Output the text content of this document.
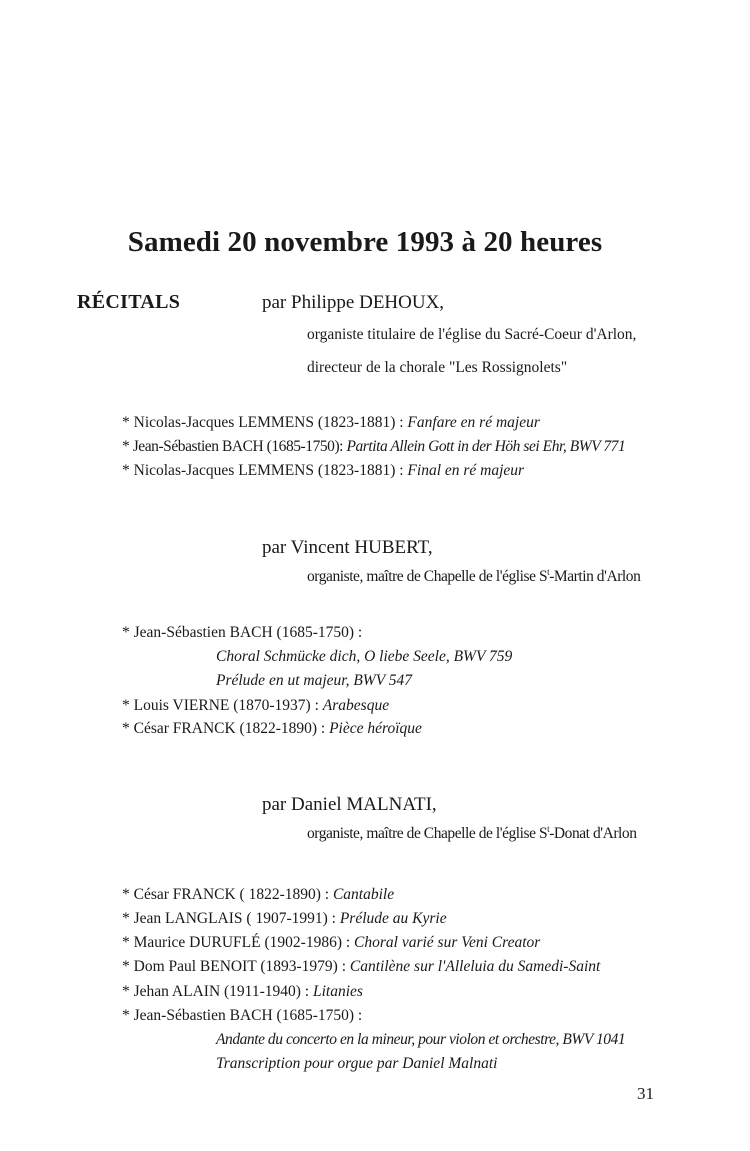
Samedi 20 novembre 1993 à 20 heures
RÉCITALS	par Philippe DEHOUX,
organiste titulaire de l'église du Sacré-Coeur d'Arlon,
directeur de la chorale "Les Rossignolets"
* Nicolas-Jacques LEMMENS (1823-1881) : Fanfare en ré majeur
* Jean-Sébastien BACH (1685-1750): Partita Allein Gott in der Höh sei Ehr, BWV 771
* Nicolas-Jacques LEMMENS (1823-1881) : Final en ré majeur
par Vincent HUBERT,
organiste, maître de Chapelle de l'église $S^t$-Martin d'Arlon
* Jean-Sébastien BACH (1685-1750) :
Choral Schmücke dich, O liebe Seele, BWV 759
Prélude en ut majeur, BWV 547
* Louis VIERNE (1870-1937) : Arabesque
* César FRANCK (1822-1890) : Pièce héroïque
par Daniel MALNATI,
organiste, maître de Chapelle de l'église $S^t$-Donat d'Arlon
* César FRANCK ( 1822-1890) : Cantabile
* Jean LANGLAIS ( 1907-1991) : Prélude au Kyrie
* Maurice DURUFLÉ (1902-1986) : Choral varié sur Veni Creator
* Dom Paul BENOIT (1893-1979) : Cantilène sur l'Alleluia du Samedi-Saint
* Jehan ALAIN (1911-1940) : Litanies
* Jean-Sébastien BACH (1685-1750) :
Andante du concerto en la mineur, pour violon et orchestre, BWV 1041
Transcription pour orgue par Daniel Malnati
31
